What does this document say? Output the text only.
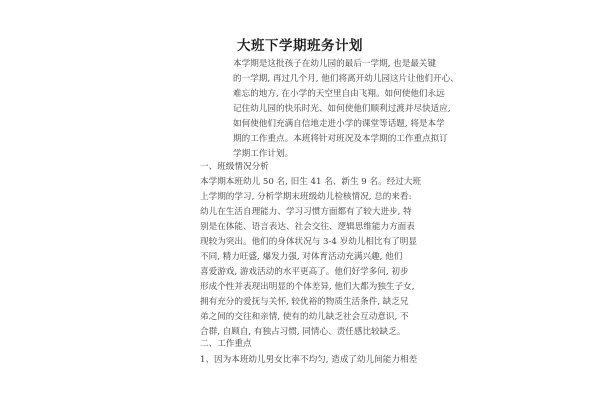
大班下学期班务计划
本学期是这批孩子在幼儿园的最后一学期, 也是最关键
的一学期, 再过几个月, 他们将离开幼儿园这片让他们开心、
难忘的地方, 在小学的天空里自由飞翔。如何使他们永远
记住幼儿园的快乐时光、如何使他们顺利过渡并尽快适应,
如何使他们充满自信地走进小学的课堂等话题, 将是本学
期的工作重点。本班将针对班况及本学期的工作重点拟订
学期工作计划。
一、班级情况分析
本学期本班幼儿 50 名, 旧生 41 名、新生 9 名。经过大班
上学期的学习, 分析学期末班级幼儿检核情况, 总的来看:
幼儿在生活自理能力、学习习惯方面都有了较大进步, 特
别是在体能、语言表达、社会交往、逻辑思维能力方面表
现较为突出。他们的身体状况与 3-4 岁幼儿相比有了明显
不同, 精力旺盛, 爆发力强, 对体育活动充满兴趣, 他们
喜爱游戏, 游戏活动的水平更高了。他们好学多问, 初步
形成个性并表现出明显的个体差异, 他们大都为独生子女,
拥有充分的爱抚与关怀, 较优裕的物质生活条件, 缺乏兄
弟之间的交往和亲情, 使有的幼儿缺乏社会互动意识, 不
合群, 自顾自, 有独占习惯, 同情心、责任感比较缺乏。
二、工作重点
1、因为本班幼儿男女比率不均匀, 造成了幼儿间能力相差
